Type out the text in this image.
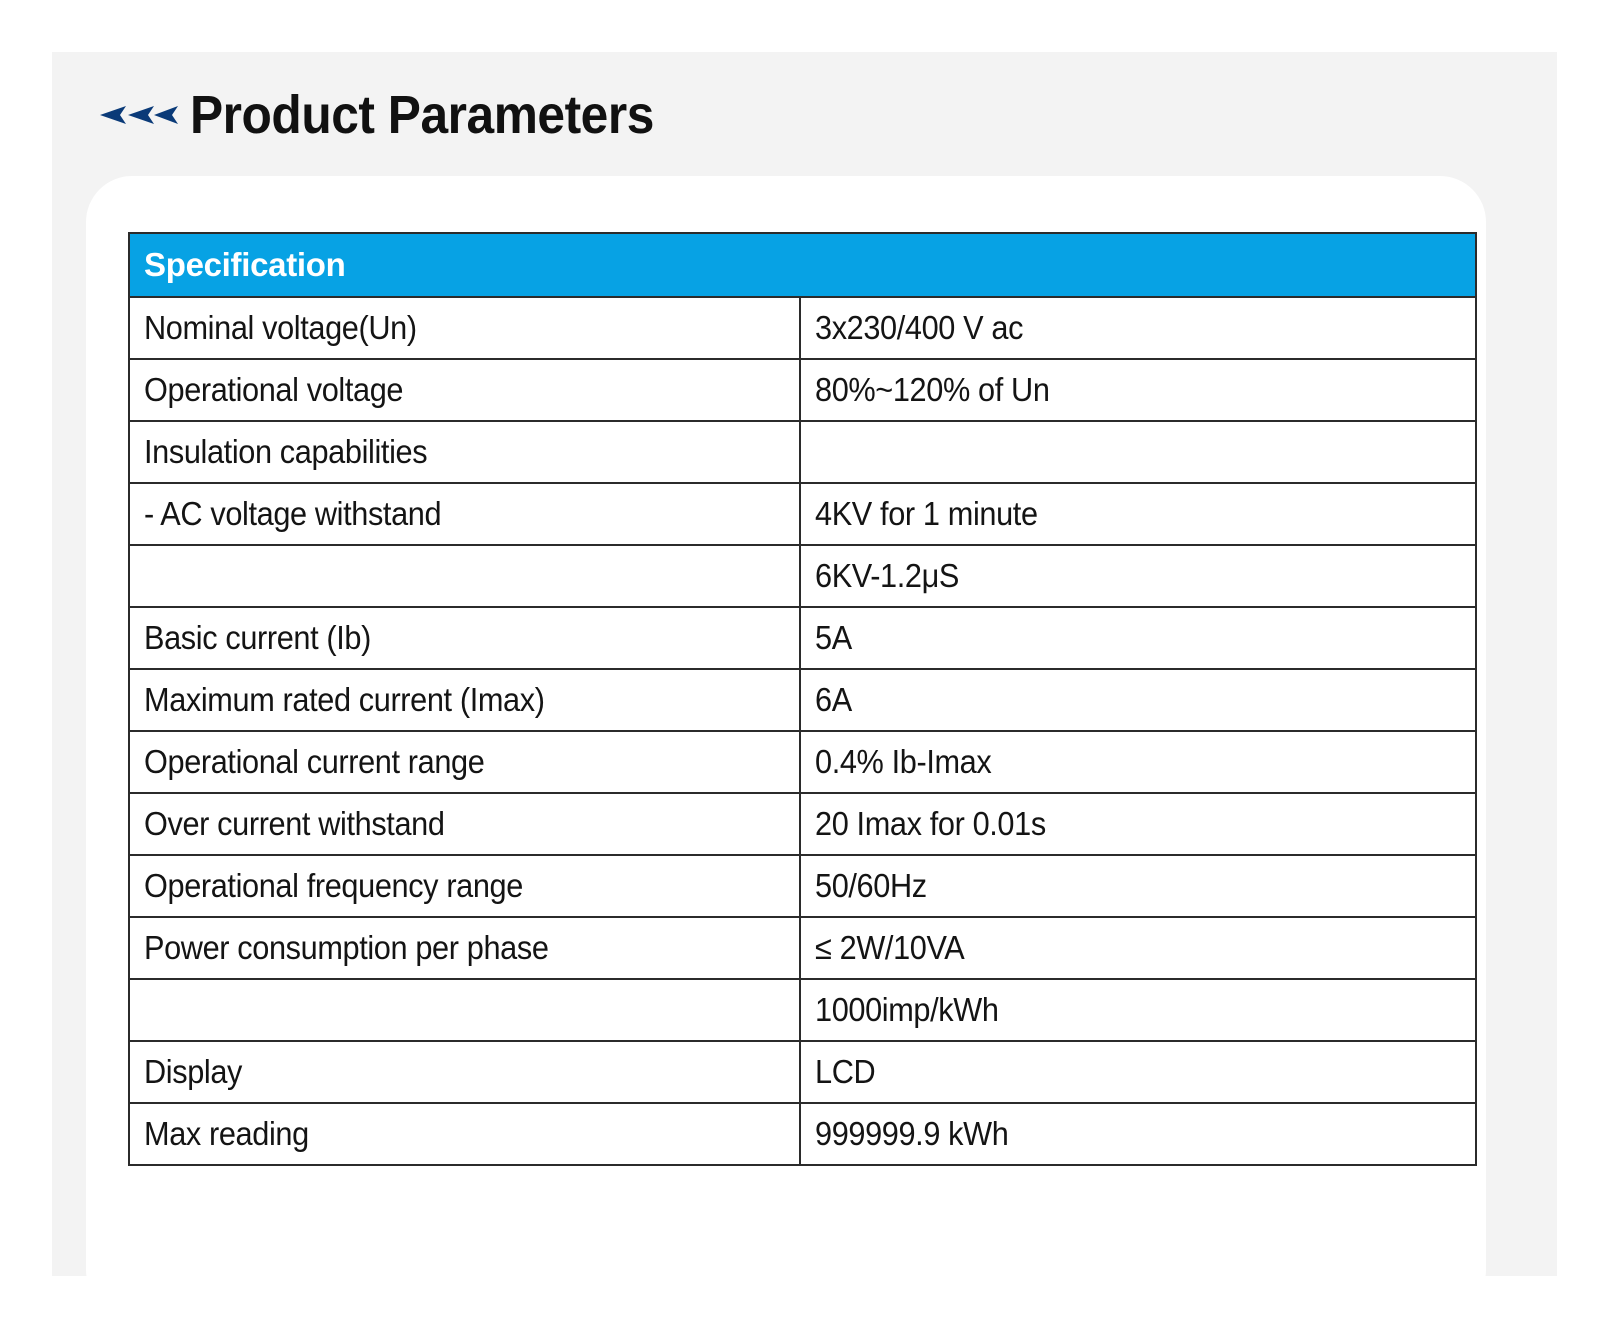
Product Parameters
Specification	
Nominal voltage(Un)	3x230/400 V ac
Operational voltage	80%~120% of Un
Insulation capabilities	
- AC voltage withstand	4KV for 1 minute
	6KV-1.2μS
Basic current (Ib)	5A
Maximum rated current (Imax)	6A
Operational current range	0.4% Ib-Imax
Over current withstand	20 Imax for 0.01s
Operational frequency range	50/60Hz
Power consumption per phase	≤ 2W/10VA
	1000imp/kWh
Display	LCD
Max reading	999999.9 kWh
